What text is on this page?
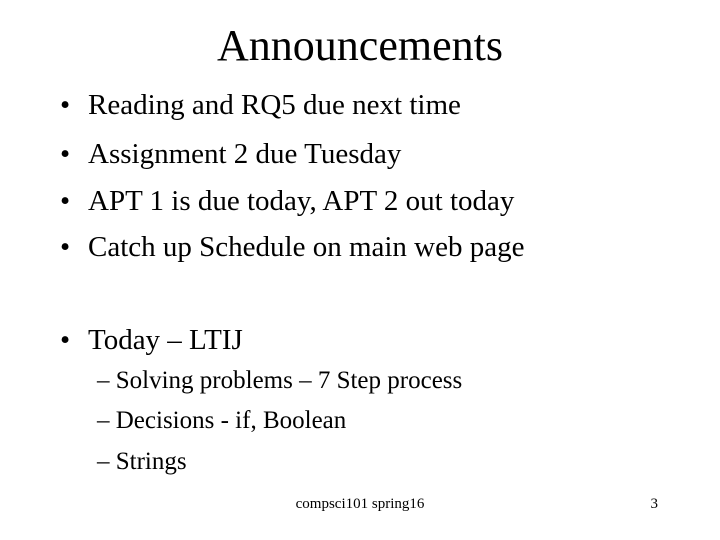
Announcements
• Reading and RQ5 due next time
• Assignment 2 due Tuesday
• APT 1 is due today, APT 2 out today
• Catch up Schedule on main web page
• Today – LTIJ
– Solving problems – 7 Step process
– Decisions - if, Boolean
– Strings
compsci101 spring16	3
